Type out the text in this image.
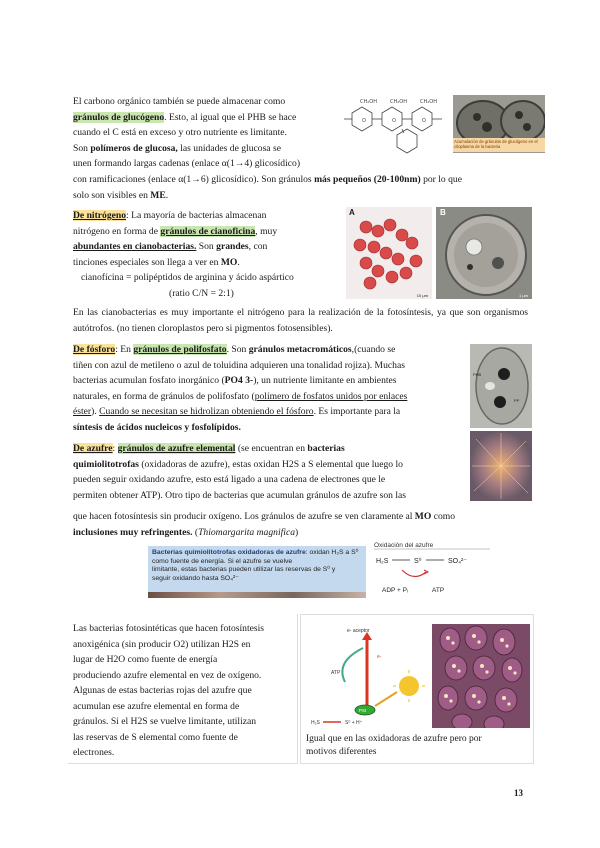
El carbono orgánico también se puede almacenar como
gránulos de glucógeno. Esto, al igual que el PHB se hace
cuando el C está en exceso y otro nutriente es limitante.
Son polímeros de glucosa, las unidades de glucosa se
unen formando largas cadenas (enlace α(1→4) glicosídico)
con ramificaciones (enlace α(1→6) glicosídico). Son gránulos más pequeños (20-100nm) por lo que
solo son visibles en ME.
CH₂OH	CH₂OH	CH₂OH
O	O	O
Acumulación de gránulos de glucógeno en el citoplasma de la bacteria
De nitrógeno: La mayoría de bacterias almacenan
nitrógeno en forma de gránulos de cianoficina, muy
abundantes en cianobacterias. Son grandes, con
tinciones especiales son llega a ver en MO.
cianofícina = polipéptidos de arginina y ácido aspártico
(ratio C/N = 2:1)
A
10 μm
B
1 μm
En las cianobacterias es muy importante el nitrógeno para la realización de la fotosíntesis, ya que son organismos autótrofos. (no tienen cloroplastos pero si pigmentos fotosensibles).
De fósforo: En gránulos de polifosfato. Son gránulos metacromáticos,(cuando se
tiñen con azul de metileno o azul de toluidina adquieren una tonalidad rojiza). Muchas
bacterias acumulan fosfato inorgánico (PO4 3-), un nutriente limitante en ambientes
naturales, en forma de gránulos de polifosfato (polímero de fosfatos unidos por enlaces
éster). Cuando se necesitan se hidrolizan obteniendo el fósforo. Es importante para la
síntesis de ácidos nucleicos y fosfolípidos.
PHB
PP
De azufre: gránulos de azufre elemental (se encuentran en bacterias
quimiolitotrofas (oxidadoras de azufre), estas oxidan H2S a S elemental que luego lo
pueden seguir oxidando azufre, esto está ligado a una cadena de electrones que le
permiten obtener ATP). Otro tipo de bacterias que acumulan gránulos de azufre son las
que hacen fotosíntesis sin producir oxígeno. Los gránulos de azufre se ven claramente al MO como
inclusiones muy refringentes. (Thiomargarita magnifica)
Bacterias quimiolitotrofas oxidadoras de azufre: oxidan H₂S a S⁰ como fuente de energía. Si el azufre se vuelve
limitante, estas bacterias pueden utilizar las reservas de S⁰ y
seguir oxidando hasta SO₄²⁻
Oxidación del azufre
H₂S	S⁰	SO₄²⁻
ADP + Pᵢ	ATP
Las bacterias fotosintéticas que hacen fotosíntesis
anoxigénica (sin producir O2) utilizan H2S en
lugar de H2O como fuente de energía
produciendo azufre elemental en vez de oxígeno.
Algunas de estas bacterias rojas del azufre que
acumulan ese azufre elemental en forma de
gránulos. Si el H2S se vuelve limitante, utilizan
las reservas de S elemental como fuente de
electrones.
e- aceptor
ATP
PSI
H₂S	S⁰ + H⁺
e-
Igual que en las oxidadoras de azufre pero por
motivos diferentes
13
